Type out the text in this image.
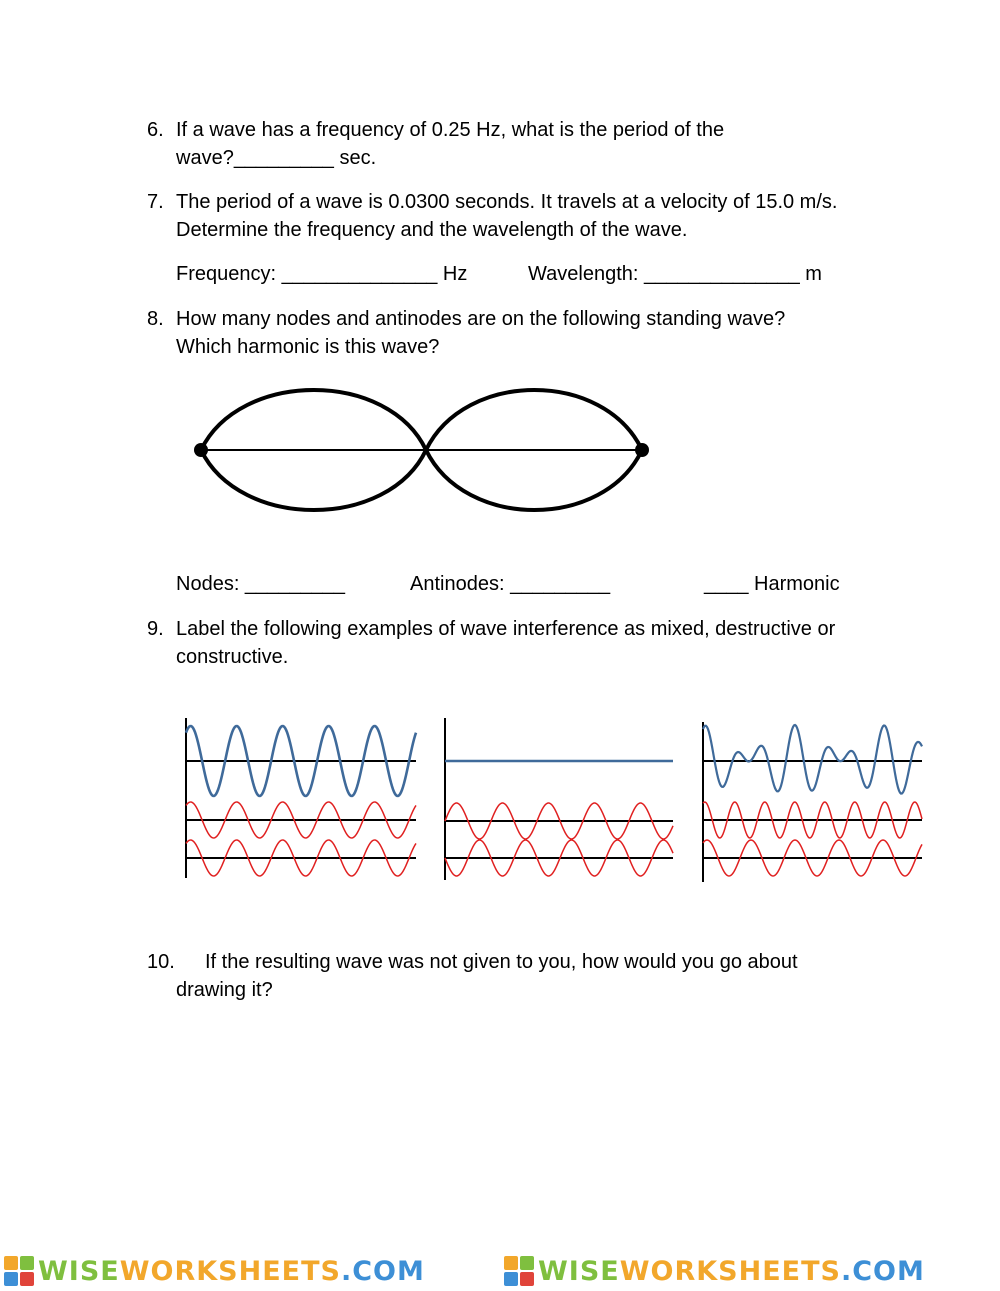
6. If a wave has a frequency of 0.25 Hz, what is the period of the
wave?_________ sec.
7. The period of a wave is 0.0300 seconds. It travels at a velocity of 15.0 m/s.
Determine the frequency and the wavelength of the wave.
Frequency: ______________ Hz	Wavelength: ______________ m
8. How many nodes and antinodes are on the following standing wave?
Which harmonic is this wave?
Nodes: _________	Antinodes: _________	____ Harmonic
9. Label the following examples of wave interference as mixed, destructive or
constructive.
10. If the resulting wave was not given to you, how would you go about
drawing it?
WISEWORKSHEETS.COM	WISEWORKSHEETS.COM
